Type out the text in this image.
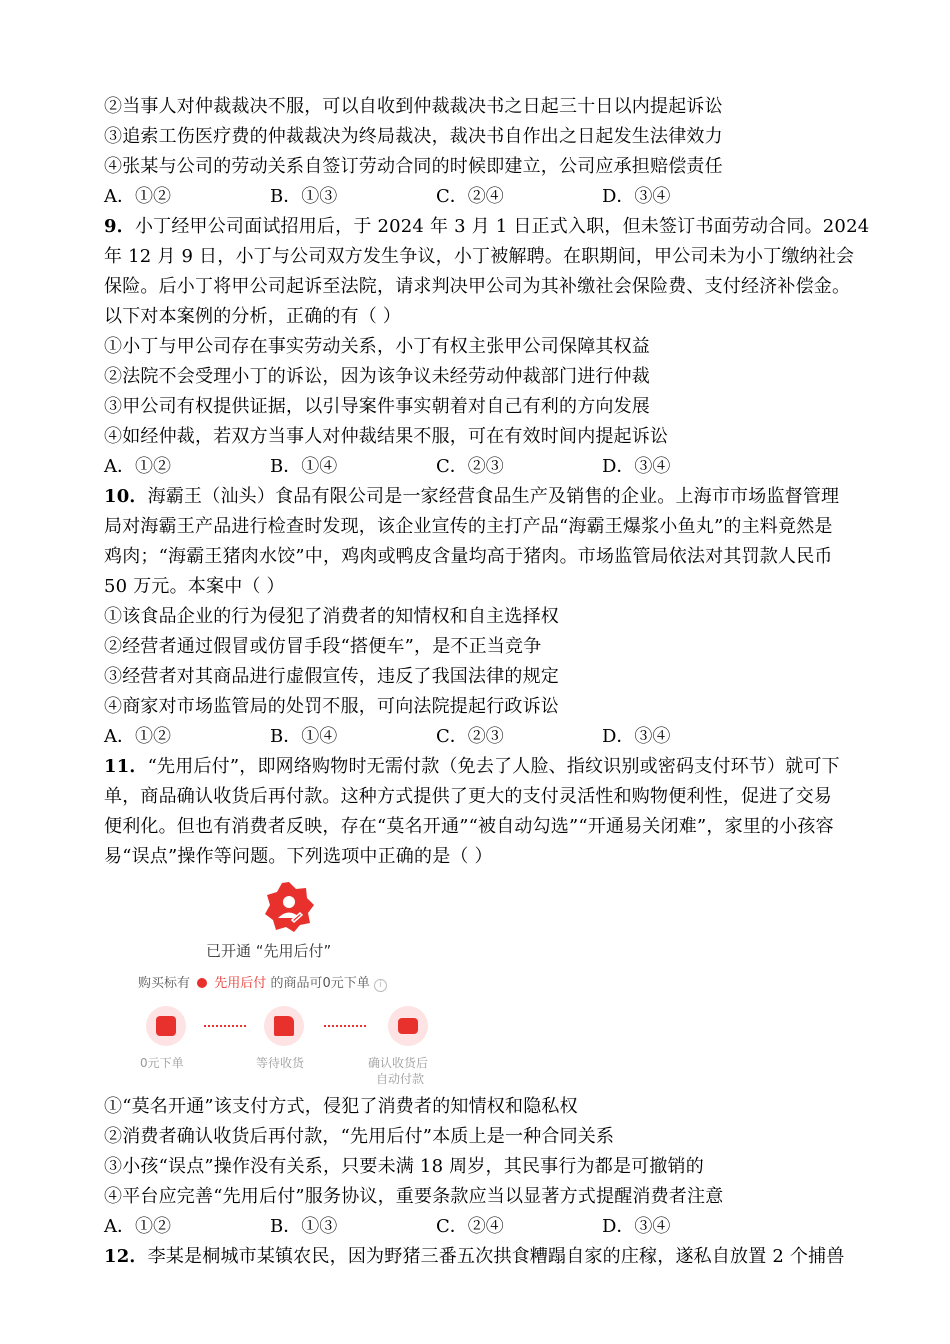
②当事人对仲裁裁决不服，可以自收到仲裁裁决书之日起三十日以内提起诉讼
③追索工伤医疗费的仲裁裁决为终局裁决，裁决书自作出之日起发生法律效力
④张某与公司的劳动关系自签订劳动合同的时候即建立，公司应承担赔偿责任
A．①②	B．①③	C．②④	D．③④
9．小丁经甲公司面试招用后，于 2024 年 3 月 1 日正式入职，但未签订书面劳动合同。2024
年 12 月 9 日，小丁与公司双方发生争议，小丁被解聘。在职期间，甲公司未为小丁缴纳社会
保险。后小丁将甲公司起诉至法院，请求判决甲公司为其补缴社会保险费、支付经济补偿金。
以下对本案例的分析，正确的有（ ）
①小丁与甲公司存在事实劳动关系，小丁有权主张甲公司保障其权益
②法院不会受理小丁的诉讼，因为该争议未经劳动仲裁部门进行仲裁
③甲公司有权提供证据，以引导案件事实朝着对自己有利的方向发展
④如经仲裁，若双方当事人对仲裁结果不服，可在有效时间内提起诉讼
A．①②	B．①④	C．②③	D．③④
10．海霸王（汕头）食品有限公司是一家经营食品生产及销售的企业。上海市市场监督管理
局对海霸王产品进行检查时发现，该企业宣传的主打产品“海霸王爆浆小鱼丸”的主料竟然是
鸡肉；“海霸王猪肉水饺”中，鸡肉或鸭皮含量均高于猪肉。市场监管局依法对其罚款人民币
50 万元。本案中（ ）
①该食品企业的行为侵犯了消费者的知情权和自主选择权
②经营者通过假冒或仿冒手段“搭便车”，是不正当竞争
③经营者对其商品进行虚假宣传，违反了我国法律的规定
④商家对市场监管局的处罚不服，可向法院提起行政诉讼
A．①②	B．①④	C．②③	D．③④
11．“先用后付”，即网络购物时无需付款（免去了人脸、指纹识别或密码支付环节）就可下
单，商品确认收货后再付款。这种方式提供了更大的支付灵活性和购物便利性，促进了交易
便利化。但也有消费者反映，存在“莫名开通”“被自动勾选”“开通易关闭难”，家里的小孩容
易“误点”操作等问题。下列选项中正确的是（ ）
已开通 “先用后付”
购买标有 先用后付 的商品可0元下单 i
0元下单	等待收货	确认收货后
自动付款
①“莫名开通”该支付方式，侵犯了消费者的知情权和隐私权
②消费者确认收货后再付款，“先用后付”本质上是一种合同关系
③小孩“误点”操作没有关系，只要未满 18 周岁，其民事行为都是可撤销的
④平台应完善“先用后付”服务协议，重要条款应当以显著方式提醒消费者注意
A．①②	B．①③	C．②④	D．③④
12．李某是桐城市某镇农民，因为野猪三番五次拱食糟蹋自家的庄稼，遂私自放置 2 个捕兽
